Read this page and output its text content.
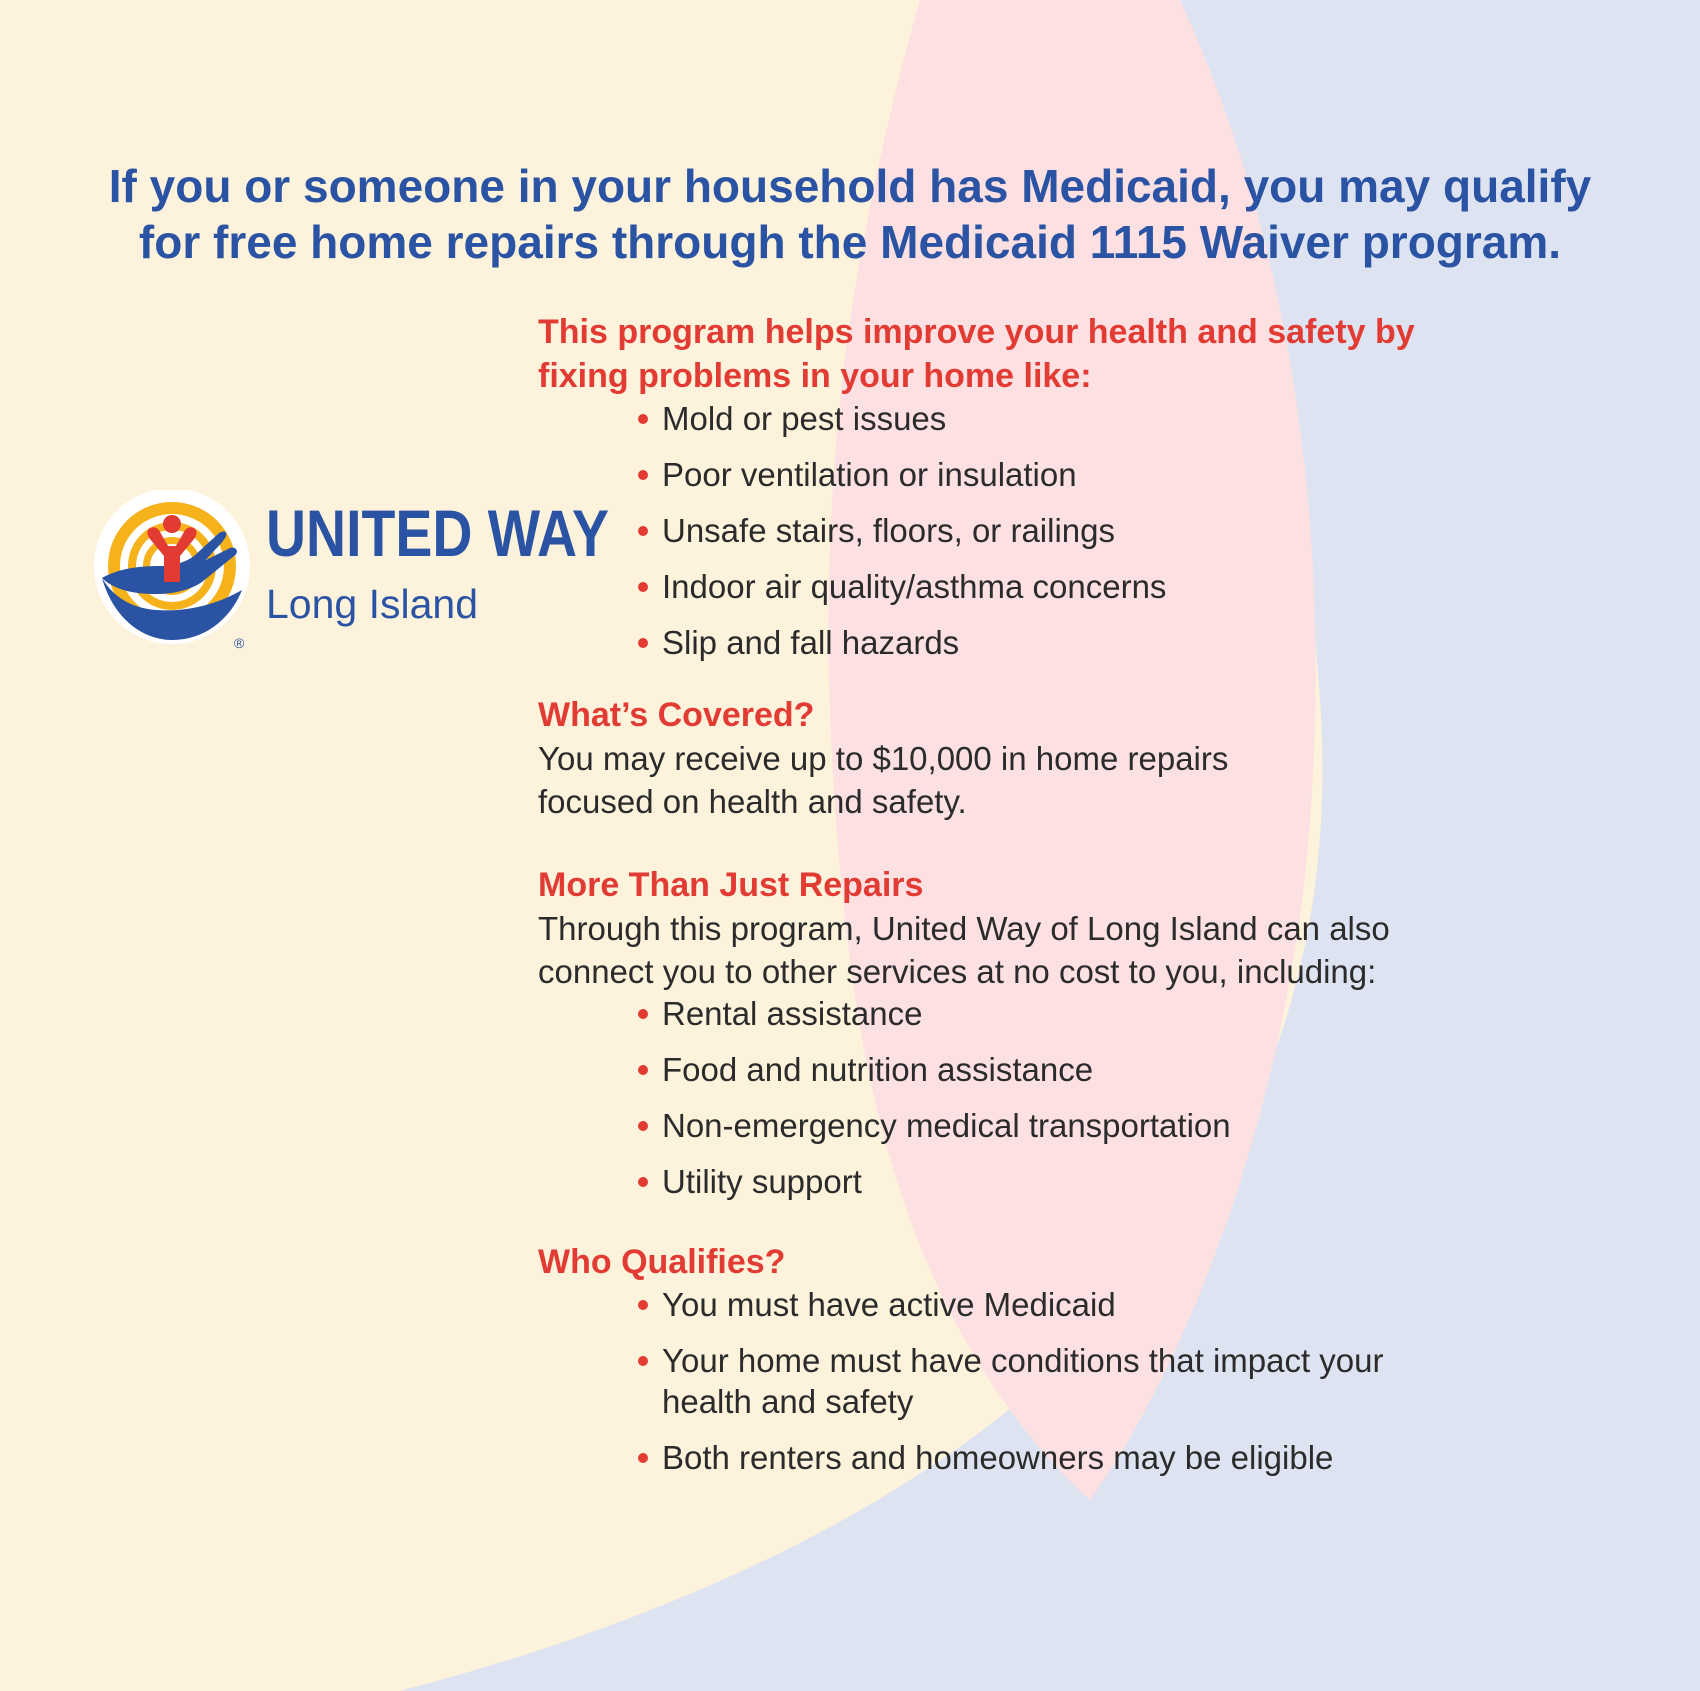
If you or someone in your household has Medicaid, you may qualify
for free home repairs through the Medicaid 1115 Waiver program.
®
UNITED WAY
Long Island
This program helps improve your health and safety by
fixing problems in your home like:
Mold or pest issues
Poor ventilation or insulation
Unsafe stairs, floors, or railings
Indoor air quality/asthma concerns
Slip and fall hazards
What’s Covered?
You may receive up to $10,000 in home repairs
focused on health and safety.
More Than Just Repairs
Through this program, United Way of Long Island can also
connect you to other services at no cost to you, including:
Rental assistance
Food and nutrition assistance
Non-emergency medical transportation
Utility support
Who Qualifies?
You must have active Medicaid
Your home must have conditions that impact your health and safety
Both renters and homeowners may be eligible
